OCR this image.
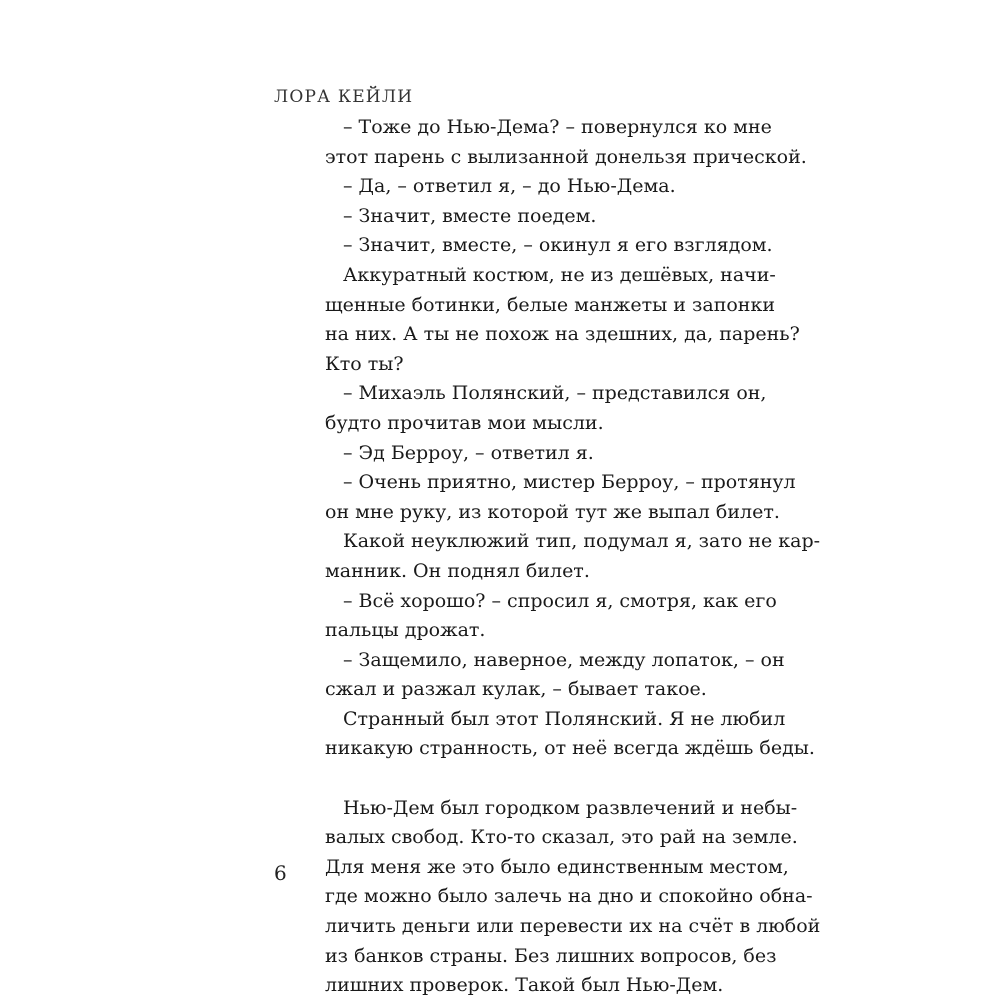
ЛОРА КЕЙЛИ
– Тоже до Нью-Дема? – повернулся ко мне
этот парень с вылизанной донельзя прической.
– Да, – ответил я, – до Нью-Дема.
– Значит, вместе поедем.
– Значит, вместе, – окинул я его взглядом.
Аккуратный костюм, не из дешёвых, начи-
щенные ботинки, белые манжеты и запонки
на них. А ты не похож на здешних, да, парень?
Кто ты?
– Михаэль Полянский, – представился он,
будто прочитав мои мысли.
– Эд Берроу, – ответил я.
– Очень приятно, мистер Берроу, – протянул
он мне руку, из которой тут же выпал билет.
Какой неуклюжий тип, подумал я, зато не кар-
манник. Он поднял билет.
– Всё хорошо? – спросил я, смотря, как его
пальцы дрожат.
– Защемило, наверное, между лопаток, – он
сжал и разжал кулак, – бывает такое.
Странный был этот Полянский. Я не любил
никакую странность, от неё всегда ждёшь беды.
Нью-Дем был городком развлечений и небы-
валых свобод. Кто-то сказал, это рай на земле.
Для меня же это было единственным местом,
где можно было залечь на дно и спокойно обна-
личить деньги или перевести их на счёт в любой
из банков страны. Без лишних вопросов, без
лишних проверок. Такой был Нью-Дем.
6
